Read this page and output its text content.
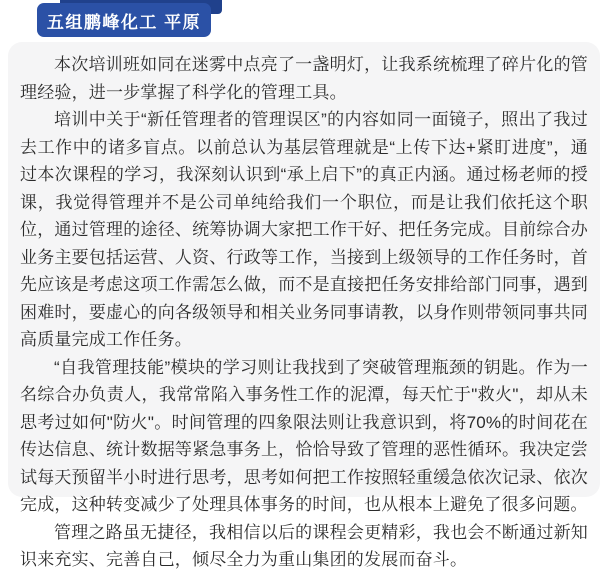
五组鹏峰化工 平原

本次培训班如同在迷雾中点亮了一盏明灯，让我系统梳理了碎片化的管理经验，进一步掌握了科学化的管理工具。

培训中关于“新任管理者的管理误区”的内容如同一面镜子，照出了我过去工作中的诸多盲点。以前总认为基层管理就是“上传下达+紧盯进度”，通过本次课程的学习，我深刻认识到“承上启下”的真正内涵。通过杨老师的授课，我觉得管理并不是公司单纯给我们一个职位，而是让我们依托这个职位，通过管理的途径、统筹协调大家把工作干好、把任务完成。目前综合办业务主要包括运营、人资、行政等工作，当接到上级领导的工作任务时，首先应该是考虑这项工作需怎么做，而不是直接把任务安排给部门同事，遇到困难时，要虚心的向各级领导和相关业务同事请教，以身作则带领同事共同高质量完成工作任务。

“自我管理技能”模块的学习则让我找到了突破管理瓶颈的钥匙。作为一名综合办负责人，我常常陷入事务性工作的泥潭，每天忙于"救火"，却从未思考过如何"防火"。时间管理的四象限法则让我意识到，将70%的时间花在传达信息、统计数据等紧急事务上，恰恰导致了管理的恶性循环。我决定尝试每天预留半小时进行思考，思考如何把工作按照轻重缓急依次记录、依次完成，这种转变减少了处理具体事务的时间，也从根本上避免了很多问题。

管理之路虽无捷径，我相信以后的课程会更精彩，我也会不断通过新知识来充实、完善自己，倾尽全力为重山集团的发展而奋斗。
